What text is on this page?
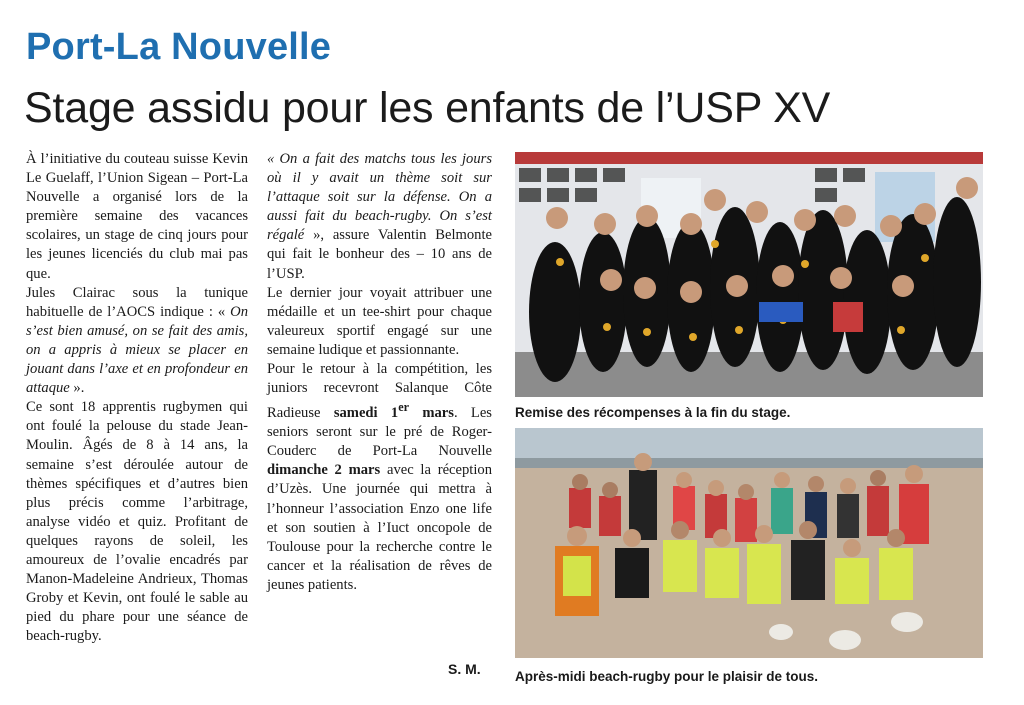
Port-La Nouvelle
Stage assidu pour les enfants de l’USP XV

À l’initiative du couteau suisse Kevin Le Guelaff, l’Union Sigean – Port-La Nouvelle a organisé lors de la première semaine des vacances scolaires, un stage de cinq jours pour les jeunes licenciés du club mai pas que.

Jules Clairac sous la tunique habituelle de l’AOCS indique : « On s’est bien amusé, on se fait des amis, on a appris à mieux se placer en jouant dans l’axe et en profondeur en attaque ».

Ce sont 18 apprentis rugbymen qui ont foulé la pelouse du stade Jean-Moulin. Âgés de 8 à 14 ans, la semaine s’est déroulée autour de thèmes spécifiques et d’autres bien plus précis comme l’arbitrage, analyse vidéo et quiz. Profitant de quelques rayons de soleil, les amoureux de l’ovalie encadrés par Manon-Madeleine Andrieux, Thomas Groby et Kevin, ont foulé le sable au pied du phare pour une séance de beach-rugby.

« On a fait des matchs tous les jours où il y avait un thème soit sur l’attaque soit sur la défense. On a aussi fait du beach-rugby. On s’est régalé », assure Valentin Belmonte qui fait le bonheur des – 10 ans de l’USP.

Le dernier jour voyait attribuer une médaille et un tee-shirt pour chaque valeureux sportif engagé sur une semaine ludique et passionnante.

Pour le retour à la compétition, les juniors recevront Salanque Côte Radieuse samedi 1er mars. Les seniors seront sur le pré de Roger-Couderc de Port-La Nouvelle dimanche 2 mars avec la réception d’Uzès. Une journée qui mettra à l’honneur l’association Enzo one life et son soutien à l’Iuct oncopole de Toulouse pour la recherche contre le cancer et la réalisation de rêves de jeunes patients.

S. M.
Remise des récompenses à la fin du stage.
Après-midi beach-rugby pour le plaisir de tous.
